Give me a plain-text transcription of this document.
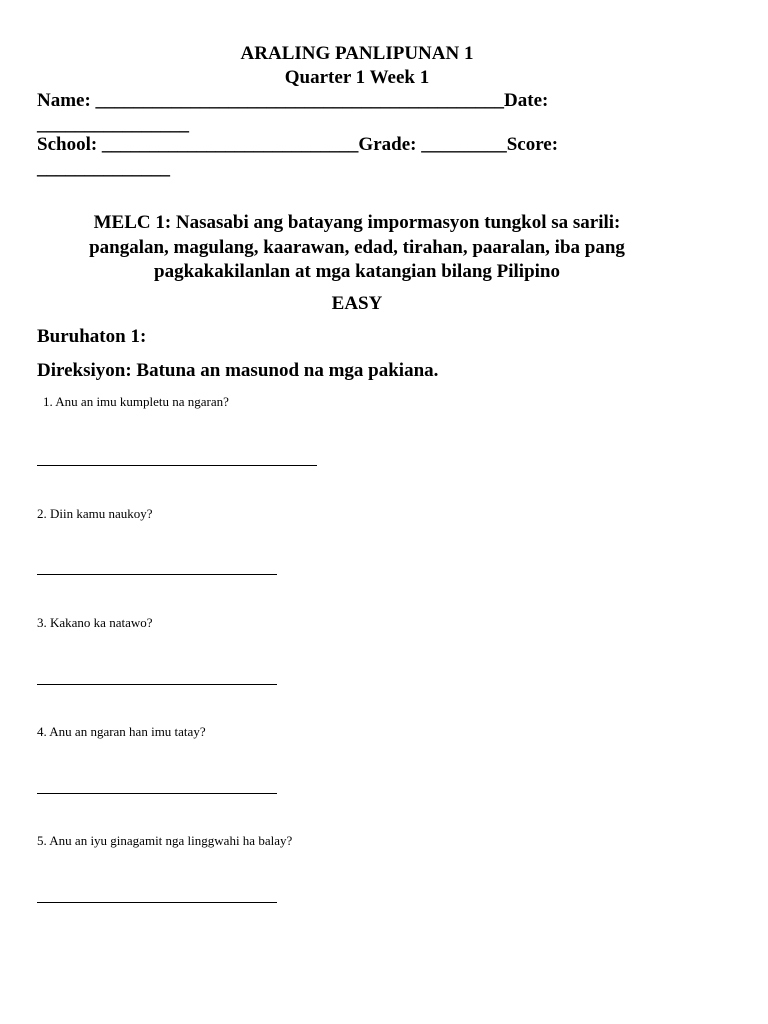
ARALING PANLIPUNAN 1
Quarter 1 Week 1
Name: ___________________________________________Date:
________________
School: ___________________________Grade: _________Score:
______________
MELC 1: Nasasabi ang batayang impormasyon tungkol sa sarili:
pangalan, magulang, kaarawan, edad, tirahan, paaralan, iba pang
pagkakakilanlan at mga katangian bilang Pilipino
EASY
Buruhaton 1:
Direksiyon: Batuna an masunod na mga pakiana.
1. Anu an imu kumpletu na ngaran?
2. Diin kamu naukoy?
3. Kakano ka natawo?
4. Anu an ngaran han imu tatay?
5. Anu an iyu ginagamit nga linggwahi ha balay?
